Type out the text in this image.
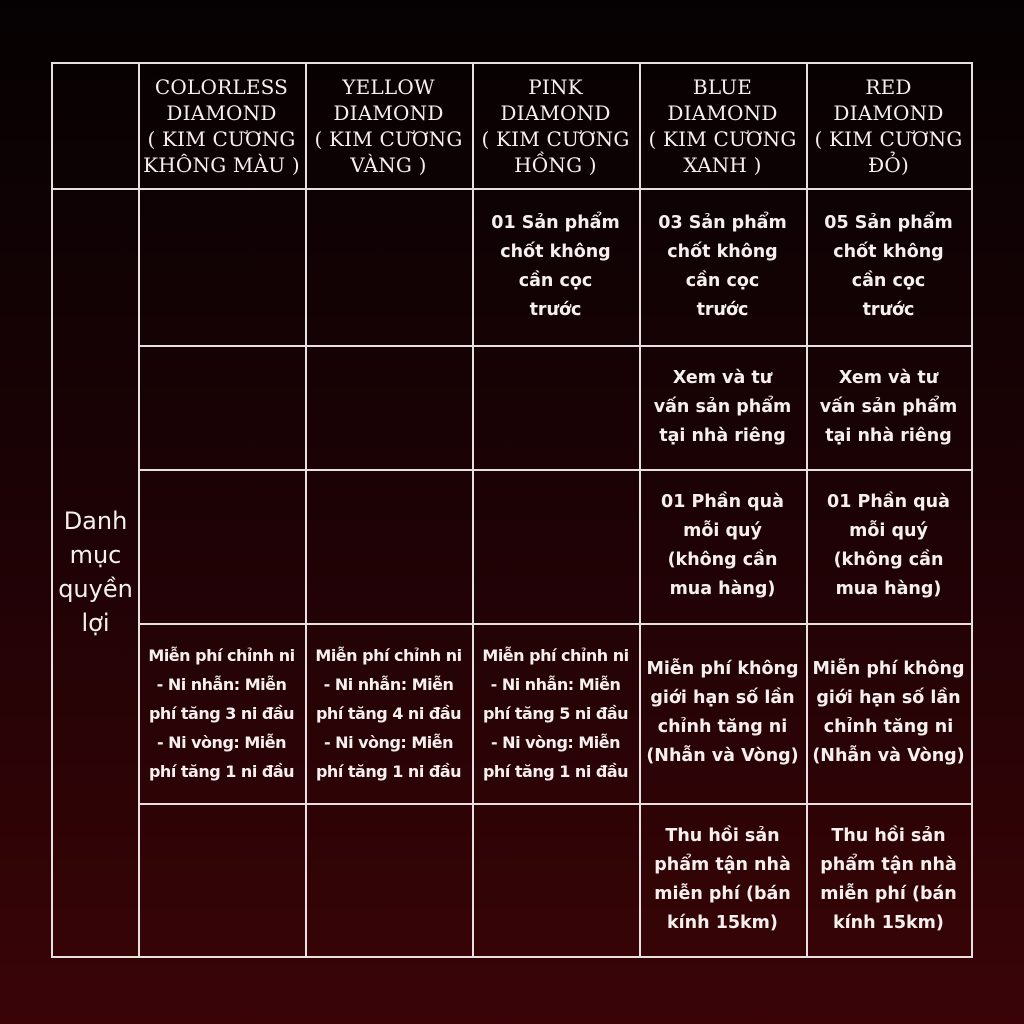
Danh
mục
quyền
lợi
COLORLESS
DIAMOND
( KIM CƯƠNG
KHÔNG MÀU )
YELLOW
DIAMOND
( KIM CƯƠNG
VÀNG )
PINK
DIAMOND
( KIM CƯƠNG
HỒNG )
BLUE
DIAMOND
( KIM CƯƠNG
XANH )
RED
DIAMOND
( KIM CƯƠNG
ĐỎ)
01 Sản phẩm
chốt không
cần cọc
trước
03 Sản phẩm
chốt không
cần cọc
trước
05 Sản phẩm
chốt không
cần cọc
trước
Xem và tư
vấn sản phẩm
tại nhà riêng
Xem và tư
vấn sản phẩm
tại nhà riêng
01 Phần quà
mỗi quý
(không cần
mua hàng)
01 Phần quà
mỗi quý
(không cần
mua hàng)
Miễn phí chỉnh ni
- Ni nhẫn: Miễn
phí tăng 3 ni đầu
- Ni vòng: Miễn
phí tăng 1 ni đầu
Miễn phí chỉnh ni
- Ni nhẫn: Miễn
phí tăng 4 ni đầu
- Ni vòng: Miễn
phí tăng 1 ni đầu
Miễn phí chỉnh ni
- Ni nhẫn: Miễn
phí tăng 5 ni đầu
- Ni vòng: Miễn
phí tăng 1 ni đầu
Miễn phí không
giới hạn số lần
chỉnh tăng ni
(Nhẫn và Vòng)
Miễn phí không
giới hạn số lần
chỉnh tăng ni
(Nhẫn và Vòng)
Thu hồi sản
phẩm tận nhà
miễn phí (bán
kính 15km)
Thu hồi sản
phẩm tận nhà
miễn phí (bán
kính 15km)
